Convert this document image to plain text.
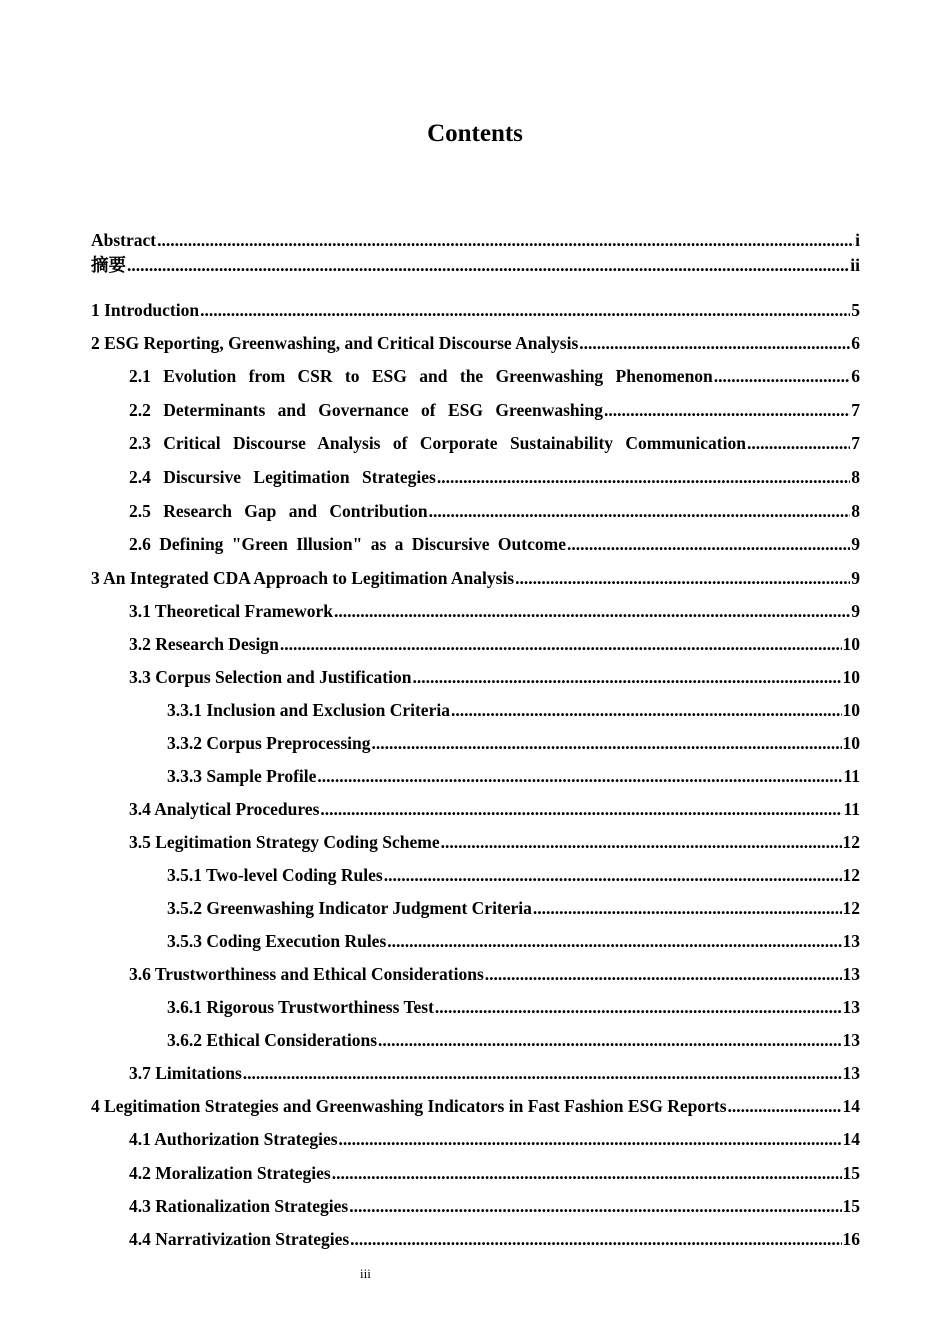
Contents
Abstract .....	i
摘要 .....	ii
1 Introduction .....	5
2 ESG Reporting, Greenwashing, and Critical Discourse Analysis .....	6
2.1 Evolution from CSR to ESG and the Greenwashing Phenomenon .....	6
2.2 Determinants and Governance of ESG Greenwashing .....	7
2.3 Critical Discourse Analysis of Corporate Sustainability Communication .....	7
2.4 Discursive Legitimation Strategies .....	8
2.5 Research Gap and Contribution .....	8
2.6 Defining "Green Illusion" as a Discursive Outcome .....	9
3 An Integrated CDA Approach to Legitimation Analysis .....	9
3.1 Theoretical Framework .....	9
3.2 Research Design .....	10
3.3 Corpus Selection and Justification .....	10
3.3.1 Inclusion and Exclusion Criteria .....	10
3.3.2 Corpus Preprocessing .....	10
3.3.3 Sample Profile .....	11
3.4 Analytical Procedures .....	11
3.5 Legitimation Strategy Coding Scheme .....	12
3.5.1 Two-level Coding Rules .....	12
3.5.2 Greenwashing Indicator Judgment Criteria .....	12
3.5.3 Coding Execution Rules .....	13
3.6 Trustworthiness and Ethical Considerations .....	13
3.6.1 Rigorous Trustworthiness Test .....	13
3.6.2 Ethical Considerations .....	13
3.7 Limitations .....	13
4 Legitimation Strategies and Greenwashing Indicators in Fast Fashion ESG Reports .....	14
4.1 Authorization Strategies .....	14
4.2 Moralization Strategies .....	15
4.3 Rationalization Strategies .....	15
4.4 Narrativization Strategies .....	16
iii
